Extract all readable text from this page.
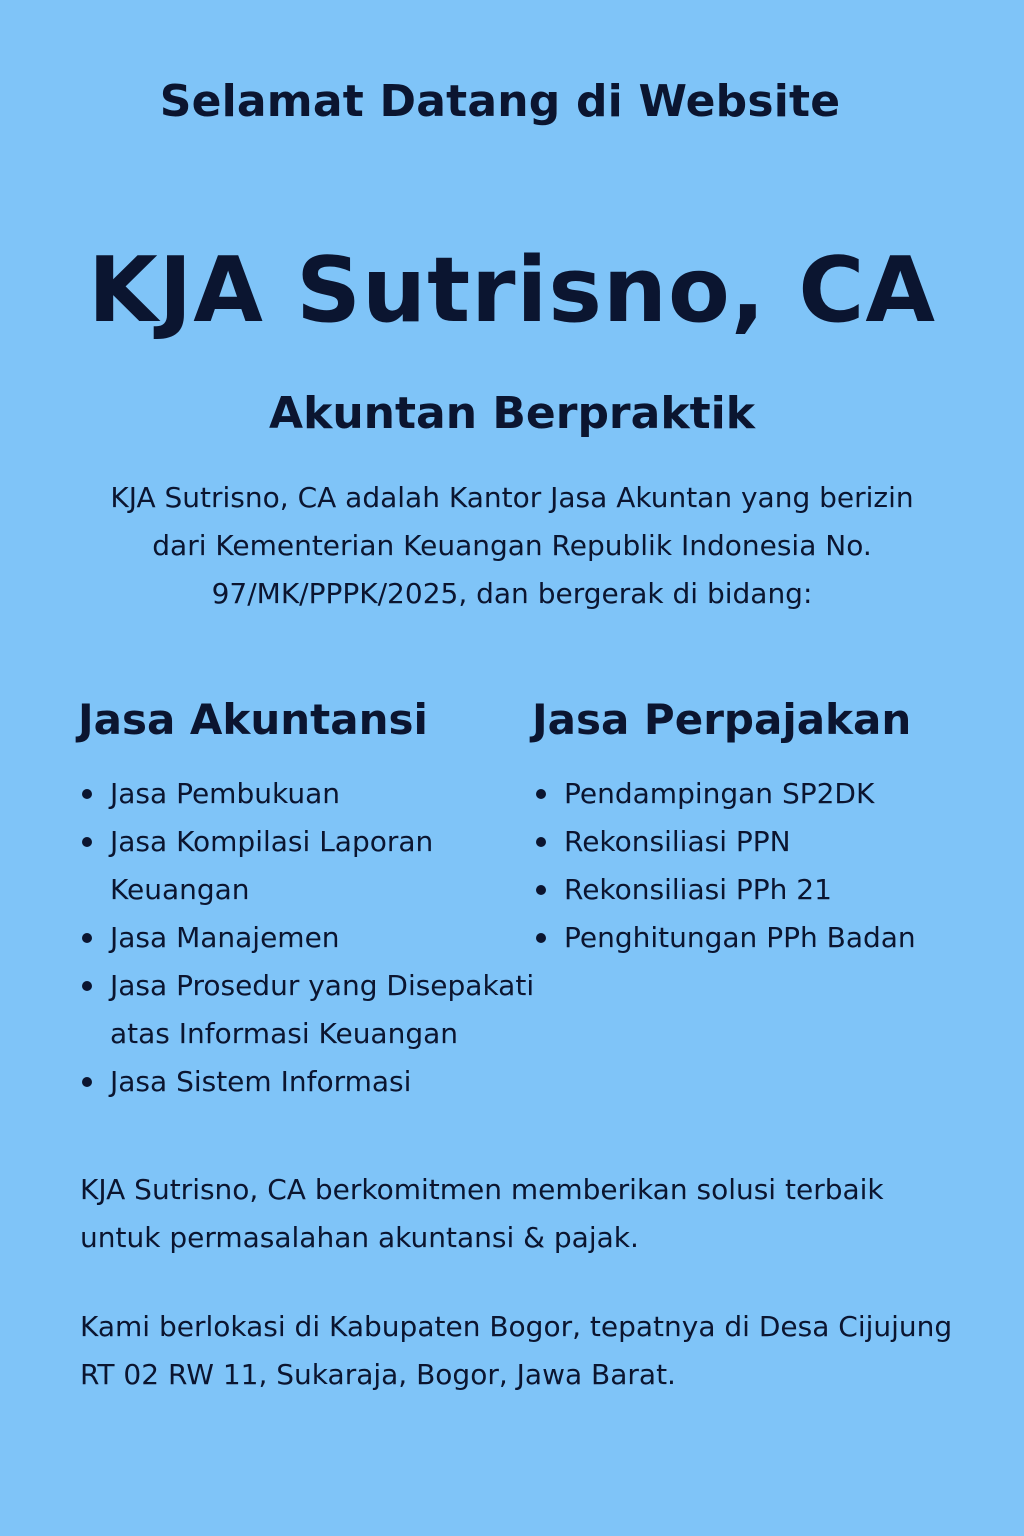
Selamat Datang di Website
KJA Sutrisno, CA
Akuntan Berpraktik
KJA Sutrisno, CA adalah Kantor Jasa Akuntan yang berizin dari Kementerian Keuangan Republik Indonesia No. 97/MK/PPPK/2025, dan bergerak di bidang:
Jasa Akuntansi
Jasa Pembukuan
Jasa Kompilasi Laporan Keuangan
Jasa Manajemen
Jasa Prosedur yang Disepakati atas Informasi Keuangan
Jasa Sistem Informasi
Jasa Perpajakan
Pendampingan SP2DK
Rekonsiliasi PPN
Rekonsiliasi PPh 21
Penghitungan PPh Badan

KJA Sutrisno, CA berkomitmen memberikan solusi terbaik untuk permasalahan akuntansi & pajak.

Kami berlokasi di Kabupaten Bogor, tepatnya di Desa Cijujung RT 02 RW 11, Sukaraja, Bogor, Jawa Barat.
